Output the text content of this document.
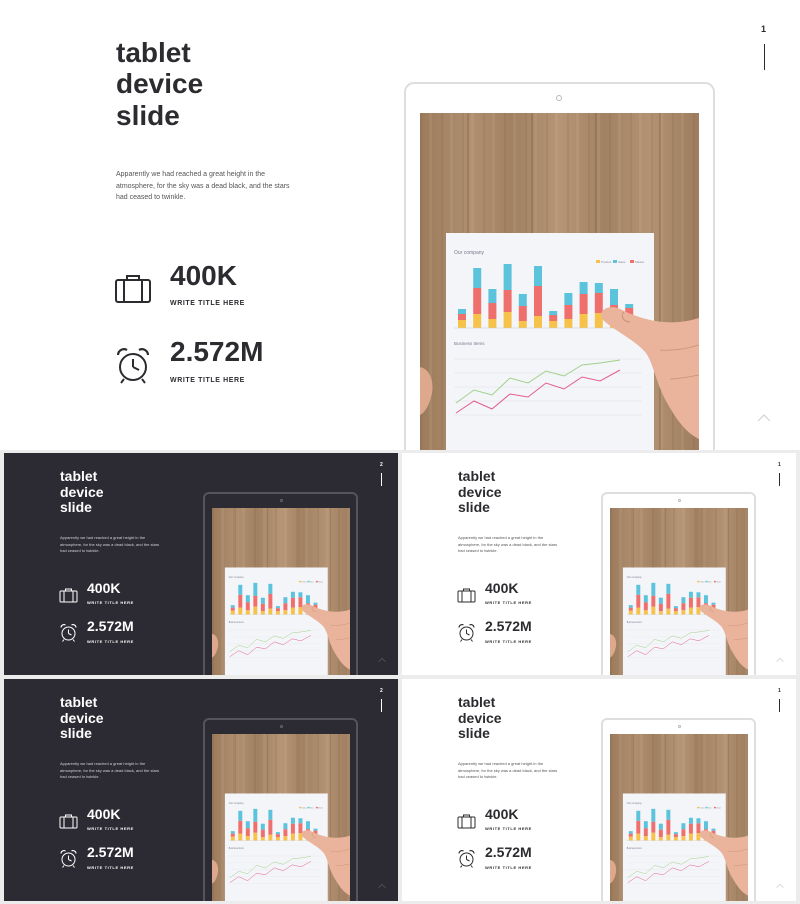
tablet
device
slide
Apparently we had reached a great height in the atmosphere, for the sky was a dead black, and the stars had ceased to twinkle.
400K
WRITE TITLE HERE
2.572M
WRITE TITLE HERE
1
Our company
Product Sales	Market
Business Items
tablet
device
slide
Apparently we had reached a great height in the atmosphere, for the sky was a dead black, and the stars had ceased to twinkle.
400K
WRITE TITLE HERE
2.572M
WRITE TITLE HERE
2
Our company
Product Sales Market
Business Items
tablet
device
slide
Apparently we had reached a great height in the atmosphere, for the sky was a dead black, and the stars had ceased to twinkle.
400K
WRITE TITLE HERE
2.572M
WRITE TITLE HERE
1
Our company
Product Sales Market
Business Items
tablet
device
slide
Apparently we had reached a great height in the atmosphere, for the sky was a dead black, and the stars had ceased to twinkle.
400K
WRITE TITLE HERE
2.572M
WRITE TITLE HERE
2
Our company
Product Sales Market
Business Items
tablet
device
slide
Apparently we had reached a great height in the atmosphere, for the sky was a dead black, and the stars had ceased to twinkle.
400K
WRITE TITLE HERE
2.572M
WRITE TITLE HERE
1
Our company
Product Sales Market
Business Items
